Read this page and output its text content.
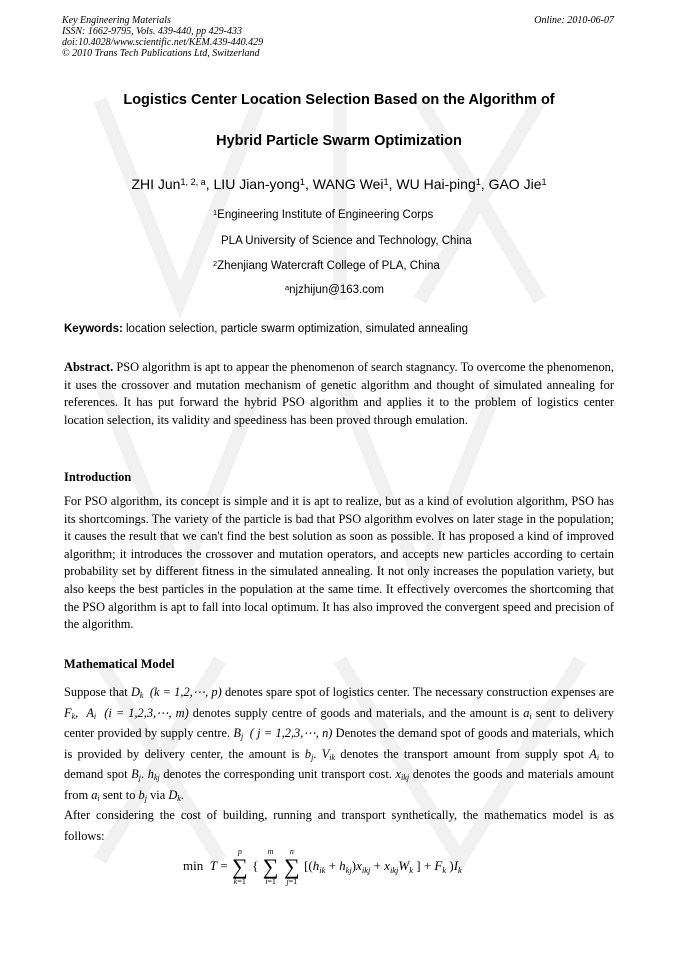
Key Engineering Materials
ISSN: 1662-9795, Vols. 439-440, pp 429-433
doi:10.4028/www.scientific.net/KEM.439-440.429
© 2010 Trans Tech Publications Ltd, Switzerland
Online: 2010-06-07
Logistics Center Location Selection Based on the Algorithm of
Hybrid Particle Swarm Optimization
ZHI Jun$^{1, 2, a}$, LIU Jian-yong$^1$, WANG Wei$^1$, WU Hai-ping$^1$, GAO Jie$^1$
$^1$Engineering Institute of Engineering Corps
PLA University of Science and Technology, China
$^2$Zhenjiang Watercraft College of PLA, China
$^a$njzhijun@163.com
Keywords: location selection, particle swarm optimization, simulated annealing
Abstract. PSO algorithm is apt to appear the phenomenon of search stagnancy. To overcome the phenomenon, it uses the crossover and mutation mechanism of genetic algorithm and thought of simulated annealing for references. It has put forward the hybrid PSO algorithm and applies it to the problem of logistics center location selection, its validity and speediness has been proved through emulation.
Introduction
For PSO algorithm, its concept is simple and it is apt to realize, but as a kind of evolution algorithm, PSO has its shortcomings. The variety of the particle is bad that PSO algorithm evolves on later stage in the population; it causes the result that we can't find the best solution as soon as possible. It has proposed a kind of improved algorithm; it introduces the crossover and mutation operators, and accepts new particles according to certain probability set by different fitness in the simulated annealing. It not only increases the population variety, but also keeps the best particles in the population at the same time. It effectively overcomes the shortcoming that the PSO algorithm is apt to fall into local optimum. It has also improved the convergent speed and precision of the algorithm.
Mathematical Model
Suppose that $D_k$  (k = 1,2,⋯, p) denotes spare spot of logistics center. The necessary construction expenses are $F_k$,  $A_i$  (i = 1,2,3,⋯, m) denotes supply centre of goods and materials, and the amount is $a_i$ sent to delivery center provided by supply centre. $B_j$  ( j = 1,2,3,⋯, n) Denotes the demand spot of goods and materials, which is provided by delivery center, the amount is $b_j$. $V_{ik}$ denotes the transport amount from supply spot $A_i$ to demand spot $B_j$. $h_{kj}$ denotes the corresponding unit transport cost. $x_{ikj}$ denotes the goods and materials amount from $a_i$ sent to $b_j$ via $D_k$.
After considering the cost of building, running and transport synthetically, the mathematics model is as follows:
min  T =
p
∑
k=1
{
m
∑
i=1

n
∑
j=1
[$(h_{ik} + h_{kj})x_{ikj} + x_{ikj}W_k$ ] + $F_k$ )$I_k$
